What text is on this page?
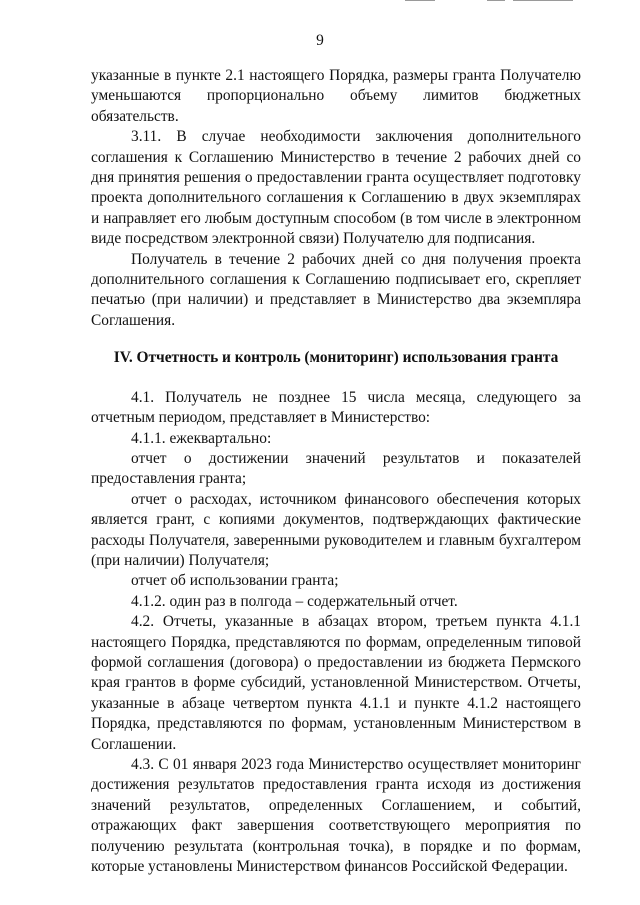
9

указанные в пункте 2.1 настоящего Порядка, размеры гранта Получателю уменьшаются пропорционально объему лимитов бюджетных обязательств.

3.11. В случае необходимости заключения дополнительного соглашения к Соглашению Министерство в течение 2 рабочих дней со дня принятия решения о предоставлении гранта осуществляет подготовку проекта дополнительного соглашения к Соглашению в двух экземплярах и направляет его любым доступным способом (в том числе в электронном виде посредством электронной связи) Получателю для подписания.

Получатель в течение 2 рабочих дней со дня получения проекта дополнительного соглашения к Соглашению подписывает его, скрепляет печатью (при наличии) и представляет в Министерство два экземпляра Соглашения.

IV. Отчетность и контроль (мониторинг) использования гранта

4.1. Получатель не позднее 15 числа месяца, следующего за отчетным периодом, представляет в Министерство:

4.1.1. ежеквартально:

отчет о достижении значений результатов и показателей предоставления гранта;

отчет о расходах, источником финансового обеспечения которых является грант, с копиями документов, подтверждающих фактические расходы Получателя, заверенными руководителем и главным бухгалтером (при наличии) Получателя;

отчет об использовании гранта;

4.1.2. один раз в полгода – содержательный отчет.

4.2. Отчеты, указанные в абзацах втором, третьем пункта 4.1.1 настоящего Порядка, представляются по формам, определенным типовой формой соглашения (договора) о предоставлении из бюджета Пермского края грантов в форме субсидий, установленной Министерством. Отчеты, указанные в абзаце четвертом пункта 4.1.1 и пункте 4.1.2 настоящего Порядка, представляются по формам, установленным Министерством в Соглашении.

4.3. С 01 января 2023 года Министерство осуществляет мониторинг достижения результатов предоставления гранта исходя из достижения значений результатов, определенных Соглашением, и событий, отражающих факт завершения соответствующего мероприятия по получению результата (контрольная точка), в порядке и по формам, которые установлены Министерством финансов Российской Федерации.
